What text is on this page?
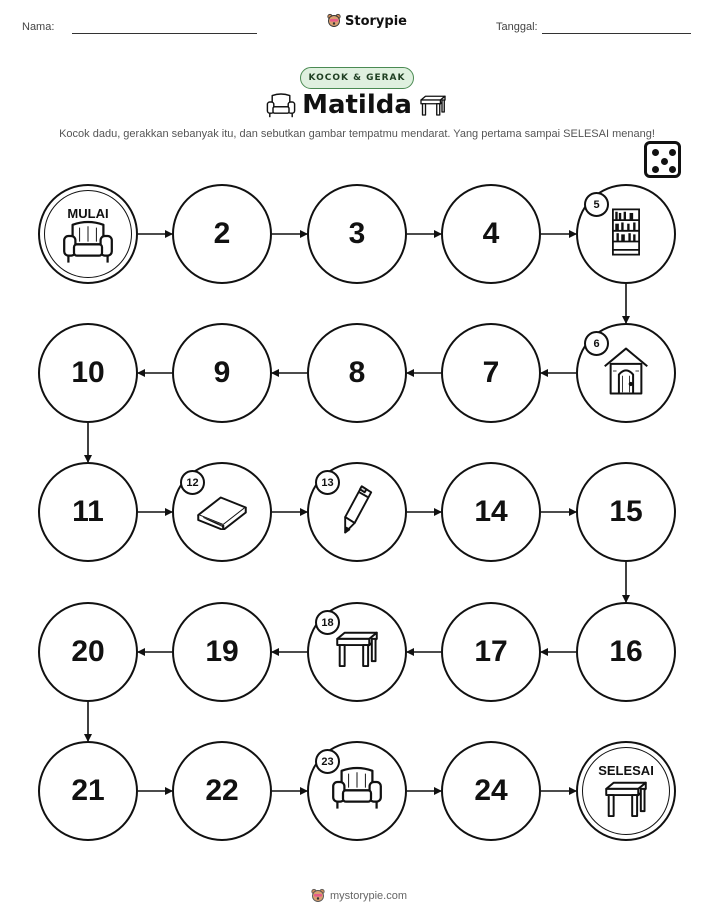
Nama:	Storypie	Tanggal:
KOCOK & GERAK
Matilda
Kocok dadu, gerakkan sebanyak itu, dan sebutkan gambar tempatmu mendarat. Yang pertama sampai SELESAI menang!
MULAI
2	3	4
5
6
7
8
9
10
11
12	13
14	15
16
17
18
19
20
21	22
23
24
SELESAI
mystorypie.com
